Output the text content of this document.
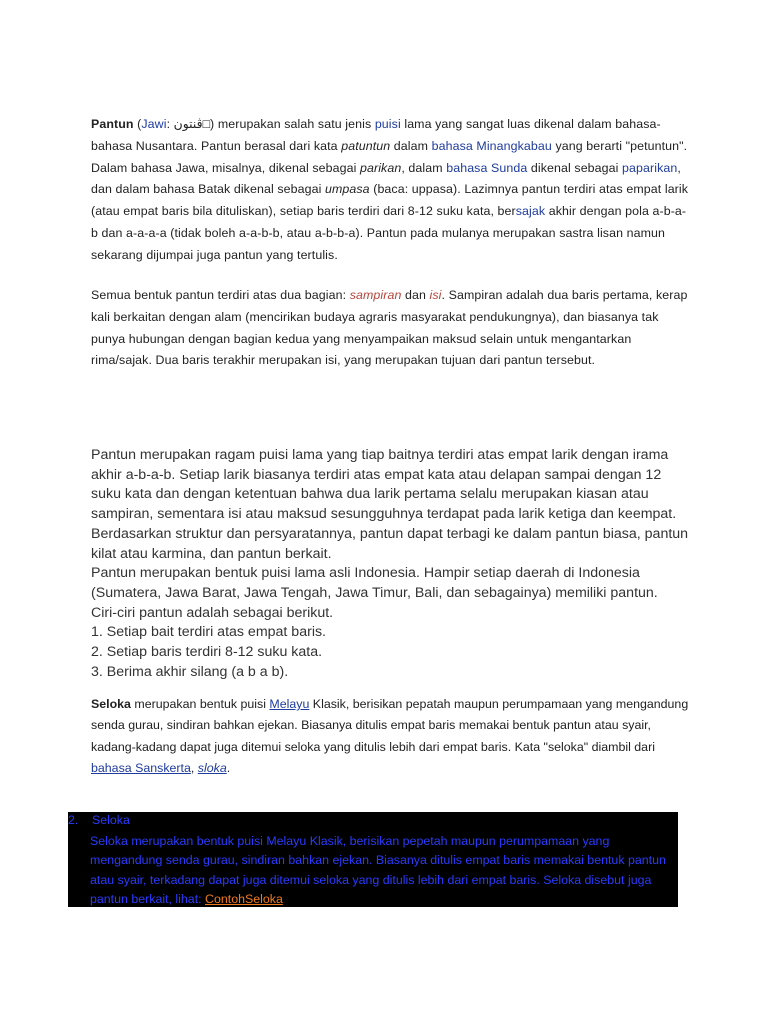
Pantun (Jawi: ڤنتون□) merupakan salah satu jenis puisi lama yang sangat luas dikenal dalam bahasa-bahasa Nusantara. Pantun berasal dari kata patuntun dalam bahasa Minangkabau yang berarti "petuntun". Dalam bahasa Jawa, misalnya, dikenal sebagai parikan, dalam bahasa Sunda dikenal sebagai paparikan, dan dalam bahasa Batak dikenal sebagai umpasa (baca: uppasa). Lazimnya pantun terdiri atas empat larik (atau empat baris bila dituliskan), setiap baris terdiri dari 8-12 suku kata, bersajak akhir dengan pola a-b-a-b dan a-a-a-a (tidak boleh a-a-b-b, atau a-b-b-a). Pantun pada mulanya merupakan sastra lisan namun sekarang dijumpai juga pantun yang tertulis.
Semua bentuk pantun terdiri atas dua bagian: sampiran dan isi. Sampiran adalah dua baris pertama, kerap kali berkaitan dengan alam (mencirikan budaya agraris masyarakat pendukungnya), dan biasanya tak punya hubungan dengan bagian kedua yang menyampaikan maksud selain untuk mengantarkan rima/sajak. Dua baris terakhir merupakan isi, yang merupakan tujuan dari pantun tersebut.
Pantun merupakan ragam puisi lama yang tiap baitnya terdiri atas empat larik dengan irama akhir a-b-a-b. Setiap larik biasanya terdiri atas empat kata atau delapan sampai dengan 12 suku kata dan dengan ketentuan bahwa dua larik pertama selalu merupakan kiasan atau sampiran, sementara isi atau maksud sesungguhnya terdapat pada larik ketiga dan keempat. Berdasarkan struktur dan persyaratannya, pantun dapat terbagi ke dalam pantun biasa, pantun kilat atau karmina, dan pantun berkait.
Pantun merupakan bentuk puisi lama asli Indonesia. Hampir setiap daerah di Indonesia (Sumatera, Jawa Barat, Jawa Tengah, Jawa Timur, Bali, dan sebagainya) memiliki pantun.
Ciri-ciri pantun adalah sebagai berikut.
1. Setiap bait terdiri atas empat baris.
2. Setiap baris terdiri 8-12 suku kata.
3. Berima akhir silang (a b a b).
Seloka merupakan bentuk puisi Melayu Klasik, berisikan pepatah maupun perumpamaan yang mengandung senda gurau, sindiran bahkan ejekan. Biasanya ditulis empat baris memakai bentuk pantun atau syair, kadang-kadang dapat juga ditemui seloka yang ditulis lebih dari empat baris. Kata "seloka" diambil dari bahasa Sanskerta, sloka.
2. Seloka
Seloka merupakan bentuk puisi Melayu Klasik, berisikan pepetah maupun perumpamaan yang mengandung senda gurau, sindiran bahkan ejekan. Biasanya ditulis empat baris memakai bentuk pantun atau syair, terkadang dapat juga ditemui seloka yang ditulis lebih dari empat baris. Seloka disebut juga pantun berkait, lihat: ContohSeloka
